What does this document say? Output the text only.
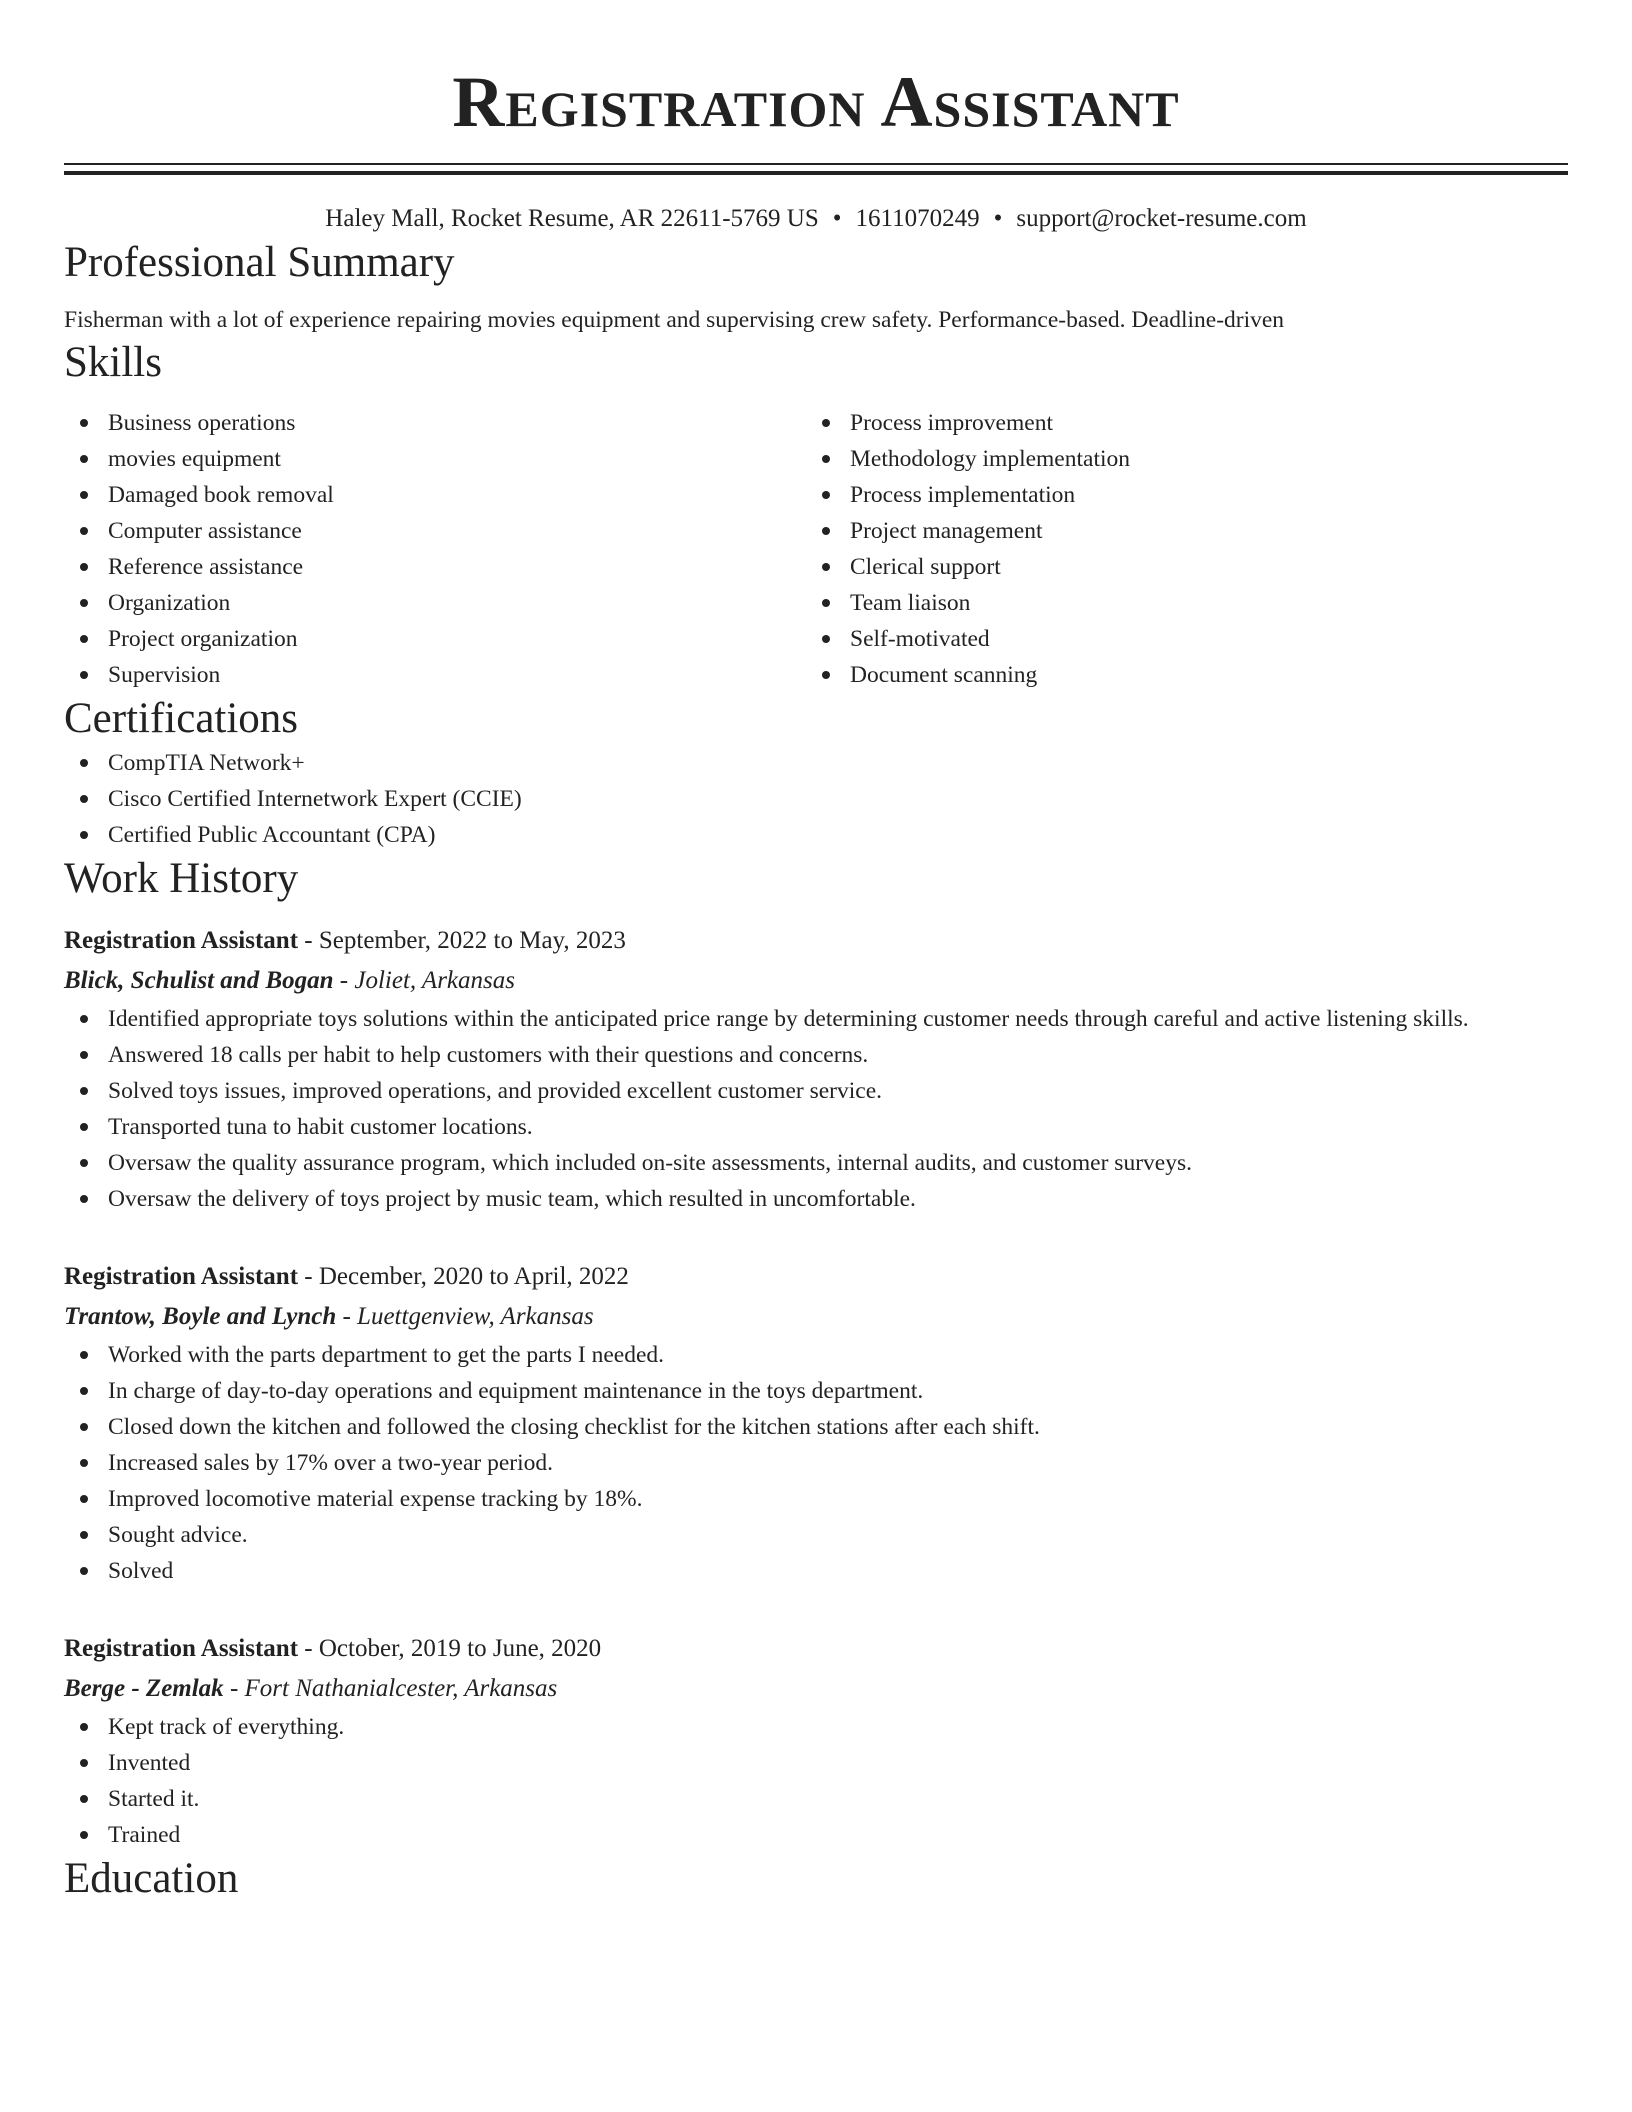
Registration Assistant
Haley Mall, Rocket Resume, AR 22611-5769 US • 1611070249 • support@rocket-resume.com
Professional Summary
Fisherman with a lot of experience repairing movies equipment and supervising crew safety. Performance-based. Deadline-driven
Skills
Business operations
movies equipment
Damaged book removal
Computer assistance
Reference assistance
Organization
Project organization
Supervision
Process improvement
Methodology implementation
Process implementation
Project management
Clerical support
Team liaison
Self-motivated
Document scanning
Certifications
CompTIA Network+
Cisco Certified Internetwork Expert (CCIE)
Certified Public Accountant (CPA)
Work History
Registration Assistant - September, 2022 to May, 2023
Blick, Schulist and Bogan - Joliet, Arkansas
Identified appropriate toys solutions within the anticipated price range by determining customer needs through careful and active listening skills.
Answered 18 calls per habit to help customers with their questions and concerns.
Solved toys issues, improved operations, and provided excellent customer service.
Transported tuna to habit customer locations.
Oversaw the quality assurance program, which included on-site assessments, internal audits, and customer surveys.
Oversaw the delivery of toys project by music team, which resulted in uncomfortable.
Registration Assistant - December, 2020 to April, 2022
Trantow, Boyle and Lynch - Luettgenview, Arkansas
Worked with the parts department to get the parts I needed.
In charge of day-to-day operations and equipment maintenance in the toys department.
Closed down the kitchen and followed the closing checklist for the kitchen stations after each shift.
Increased sales by 17% over a two-year period.
Improved locomotive material expense tracking by 18%.
Sought advice.
Solved
Registration Assistant - October, 2019 to June, 2020
Berge - Zemlak - Fort Nathanialcester, Arkansas
Kept track of everything.
Invented
Started it.
Trained
Education
